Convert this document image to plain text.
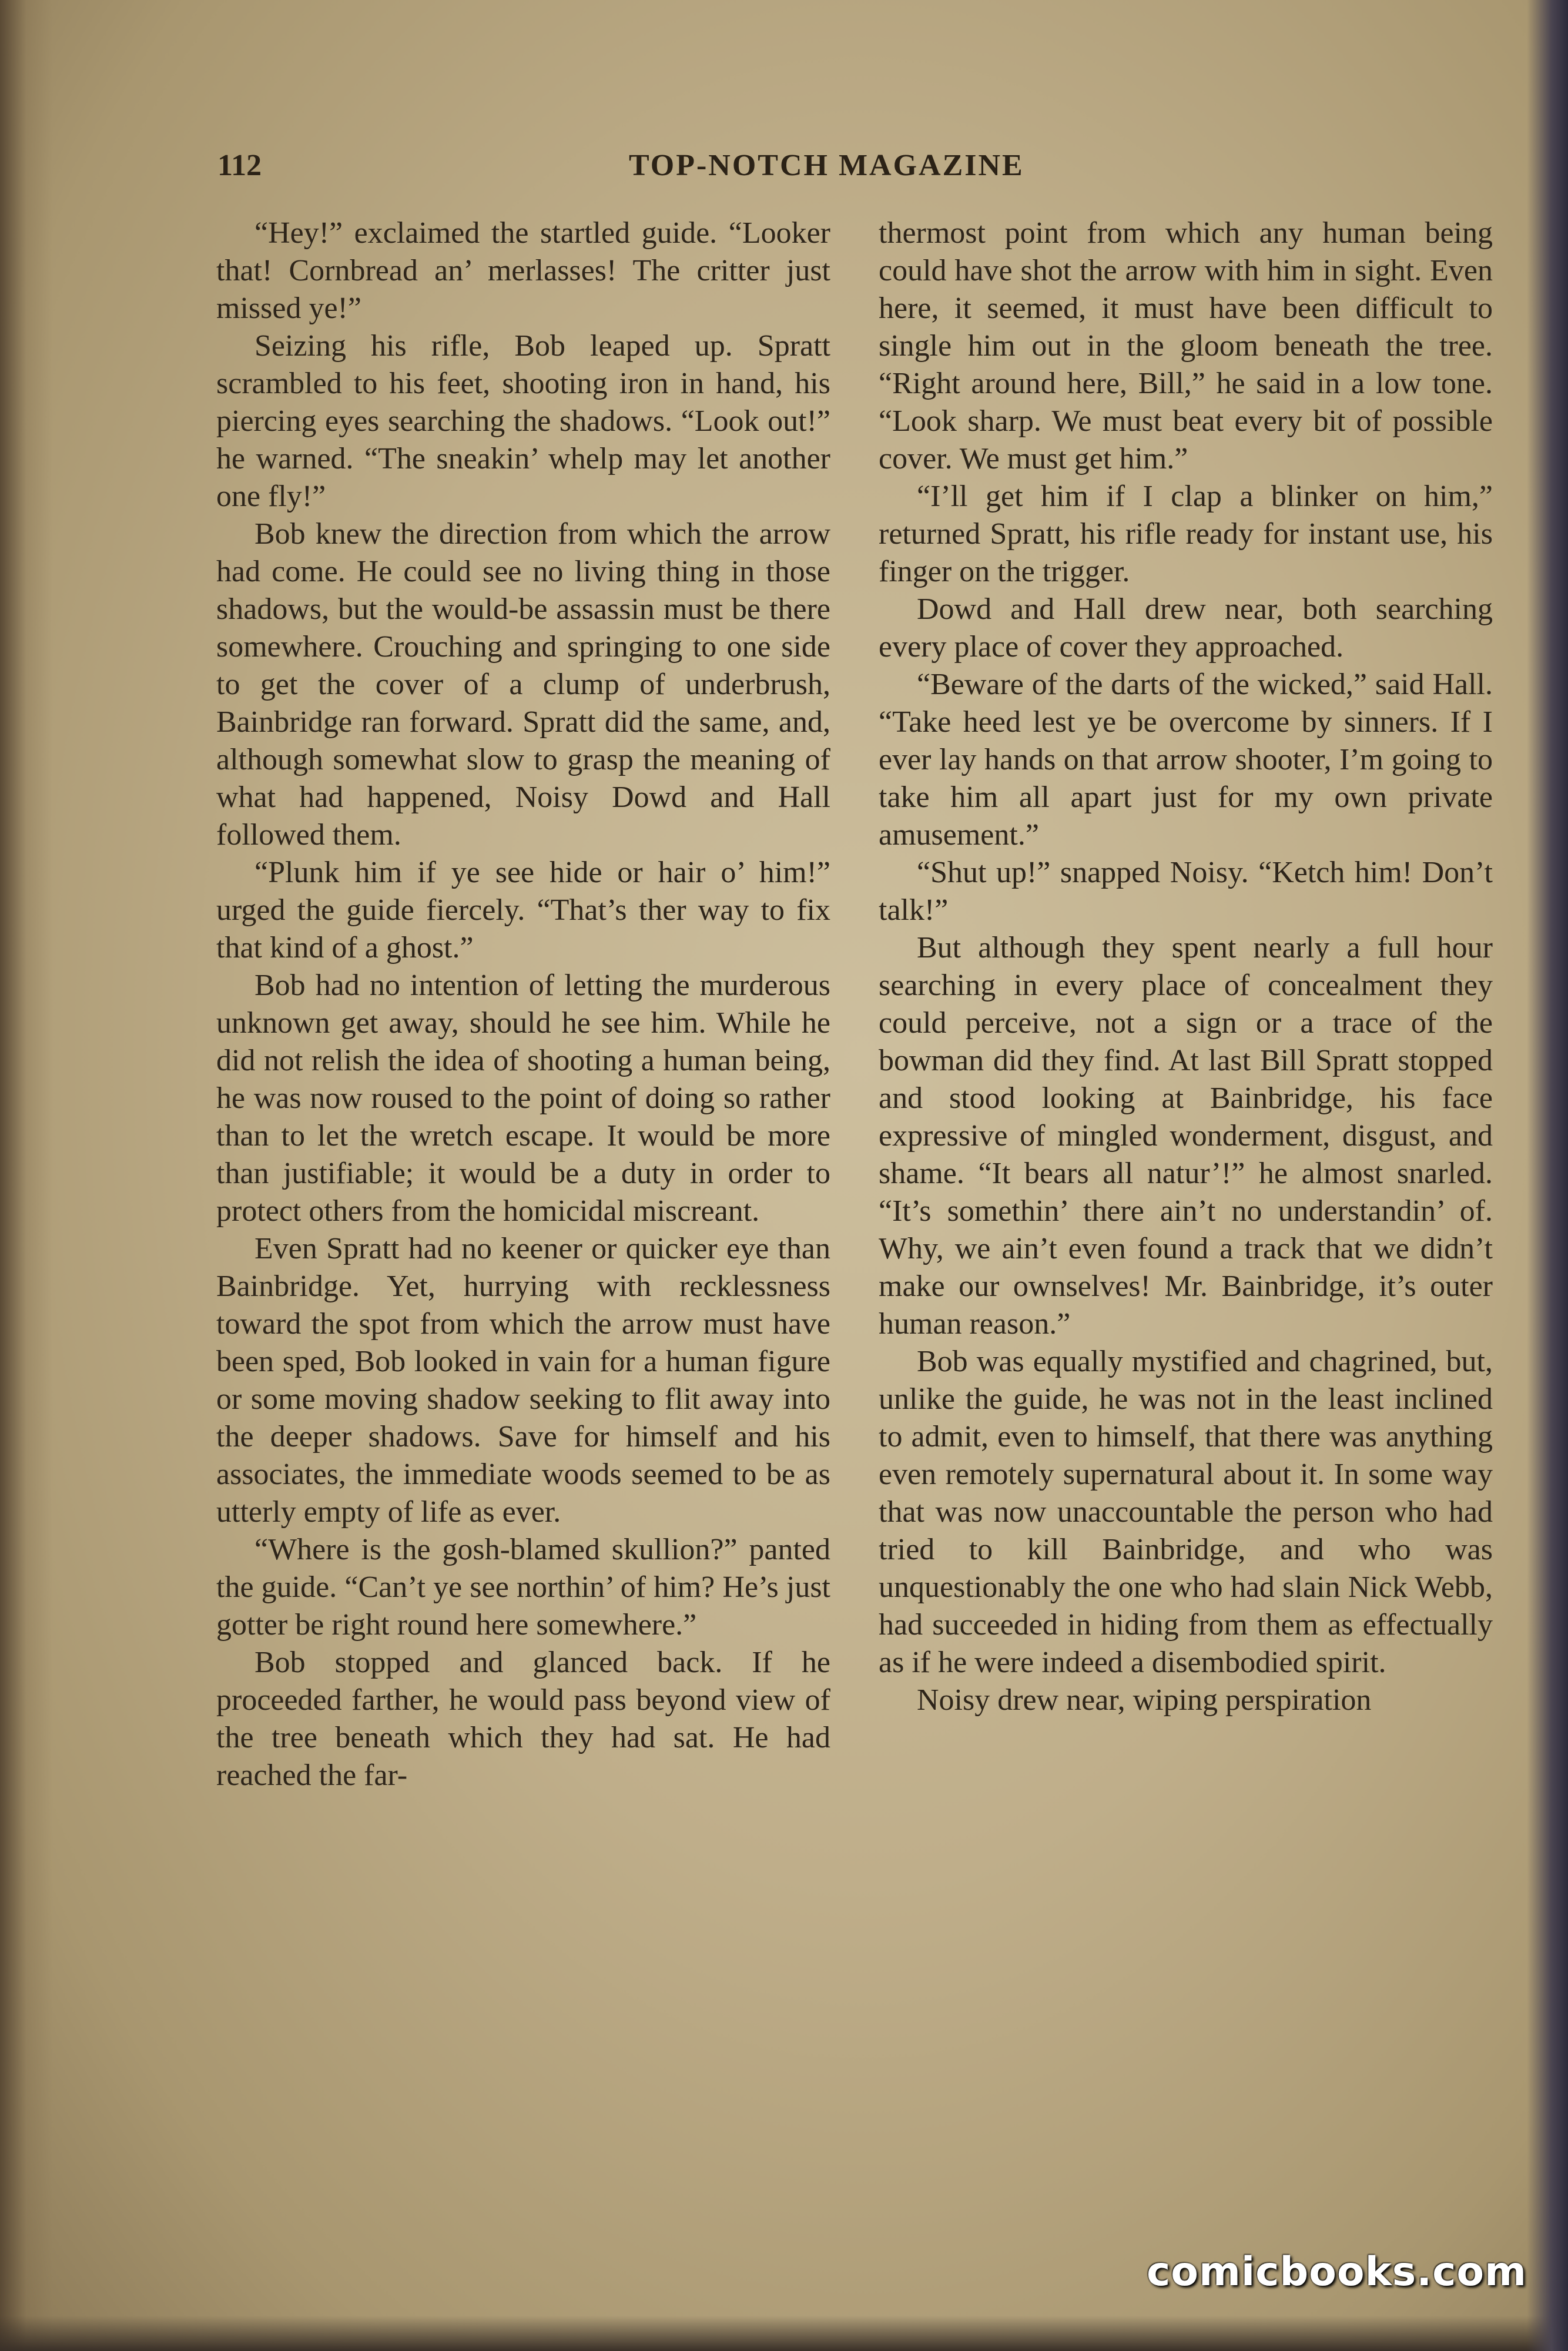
112	TOP-NOTCH MAGAZINE

“Hey!” exclaimed the startled guide. “Looker that! Cornbread an’ merlasses! The critter just missed ye!”

Seizing his rifle, Bob leaped up. Spratt scrambled to his feet, shooting iron in hand, his piercing eyes searching the shadows. “Look out!” he warned. “The sneakin’ whelp may let another one fly!”

Bob knew the direction from which the arrow had come. He could see no living thing in those shadows, but the would-be assassin must be there somewhere. Crouching and springing to one side to get the cover of a clump of underbrush, Bainbridge ran forward. Spratt did the same, and, although somewhat slow to grasp the meaning of what had happened, Noisy Dowd and Hall followed them.

“Plunk him if ye see hide or hair o’ him!” urged the guide fiercely. “That’s ther way to fix that kind of a ghost.”

Bob had no intention of letting the murderous unknown get away, should he see him. While he did not relish the idea of shooting a human being, he was now roused to the point of doing so rather than to let the wretch escape. It would be more than justifiable; it would be a duty in order to protect others from the homicidal miscreant.

Even Spratt had no keener or quicker eye than Bainbridge. Yet, hurrying with recklessness toward the spot from which the arrow must have been sped, Bob looked in vain for a human figure or some moving shadow seeking to flit away into the deeper shadows. Save for himself and his associates, the immediate woods seemed to be as utterly empty of life as ever.

“Where is the gosh-blamed skullion?” panted the guide. “Can’t ye see northin’ of him? He’s just gotter be right round here somewhere.”

Bob stopped and glanced back. If he proceeded farther, he would pass beyond view of the tree beneath which they had sat. He had reached the far-

thermost point from which any human being could have shot the arrow with him in sight. Even here, it seemed, it must have been difficult to single him out in the gloom beneath the tree. “Right around here, Bill,” he said in a low tone. “Look sharp. We must beat every bit of possible cover. We must get him.”

“I’ll get him if I clap a blinker on him,” returned Spratt, his rifle ready for instant use, his finger on the trigger.

Dowd and Hall drew near, both searching every place of cover they approached.

“Beware of the darts of the wicked,” said Hall. “Take heed lest ye be overcome by sinners. If I ever lay hands on that arrow shooter, I’m going to take him all apart just for my own private amusement.”

“Shut up!” snapped Noisy. “Ketch him! Don’t talk!”

But although they spent nearly a full hour searching in every place of concealment they could perceive, not a sign or a trace of the bowman did they find. At last Bill Spratt stopped and stood looking at Bainbridge, his face expressive of mingled wonderment, disgust, and shame. “It bears all natur’!” he almost snarled. “It’s somethin’ there ain’t no understandin’ of. Why, we ain’t even found a track that we didn’t make our ownselves! Mr. Bainbridge, it’s outer human reason.”

Bob was equally mystified and chagrined, but, unlike the guide, he was not in the least inclined to admit, even to himself, that there was anything even remotely supernatural about it. In some way that was now unaccountable the person who had tried to kill Bainbridge, and who was unquestionably the one who had slain Nick Webb, had succeeded in hiding from them as effectually as if he were indeed a disembodied spirit.

Noisy drew near, wiping perspiration

comicbooks.com
